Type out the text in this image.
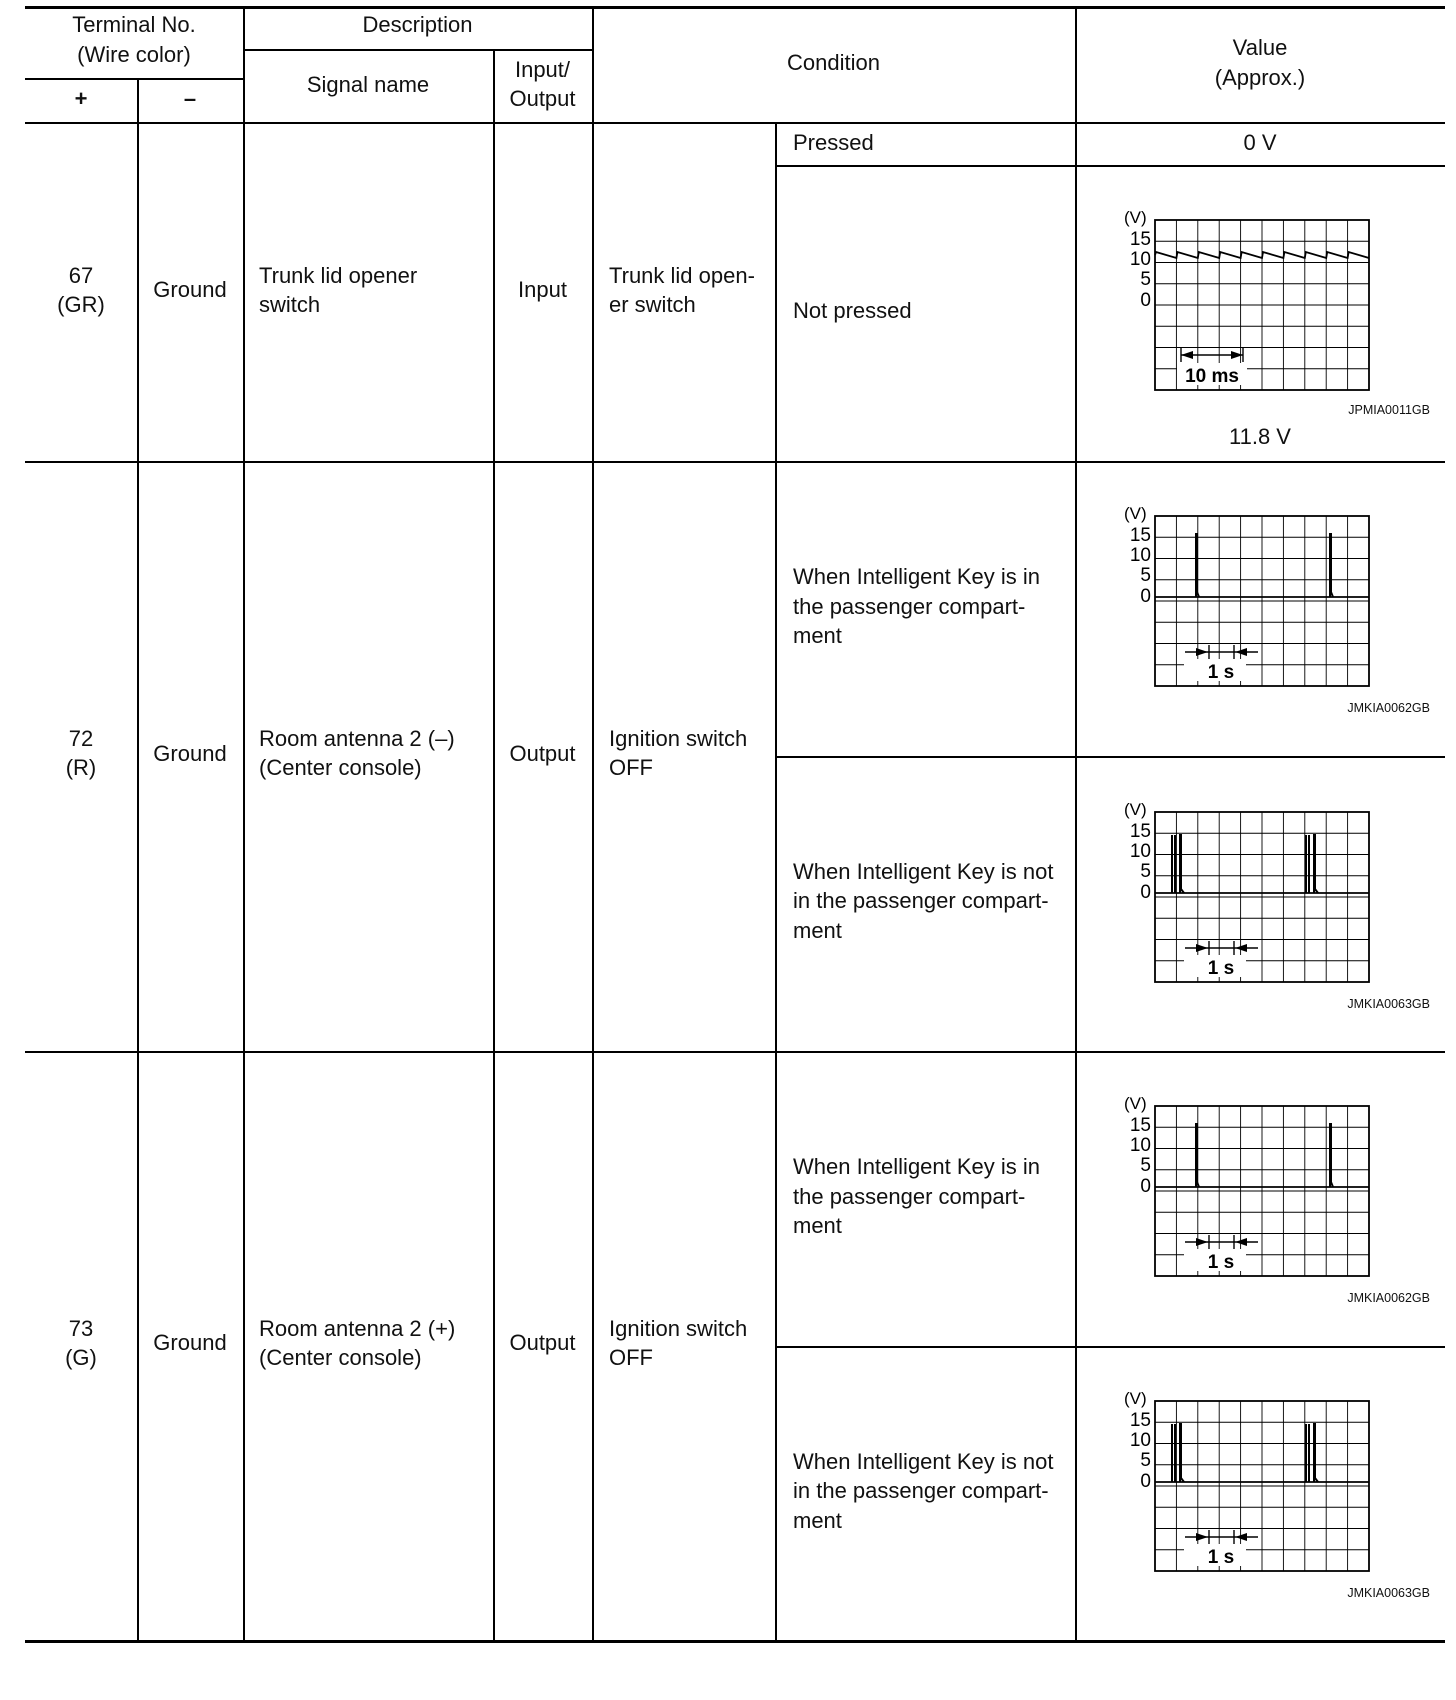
Terminal No.
(Wire color)
+	–
Description
Signal name
Input/
Output
Condition
Value
(Approx.)
67
(GR)
Ground
Trunk lid opener
switch
Input
Trunk lid open-
er switch
Pressed	0 V
Not pressed
11.8 V
72
(R)
Ground
Room antenna 2 (–)
(Center console)
Output
Ignition switch
OFF
When Intelligent Key is in
the passenger compart-
ment
When Intelligent Key is not
in the passenger compart-
ment
73
(G)
Ground
Room antenna 2 (+)
(Center console)
Output
Ignition switch
OFF
When Intelligent Key is in
the passenger compart-
ment
When Intelligent Key is not
in the passenger compart-
ment
(V)
15
10
5
0
10 ms
JPMIA0011GB
(V)
15
10
5
0
1 s
JMKIA0062GB
(V)
15
10
5
0
1 s
JMKIA0063GB
(V)
15
10
5
0
1 s
JMKIA0062GB
(V)
15
10
5
0
1 s
JMKIA0063GB
